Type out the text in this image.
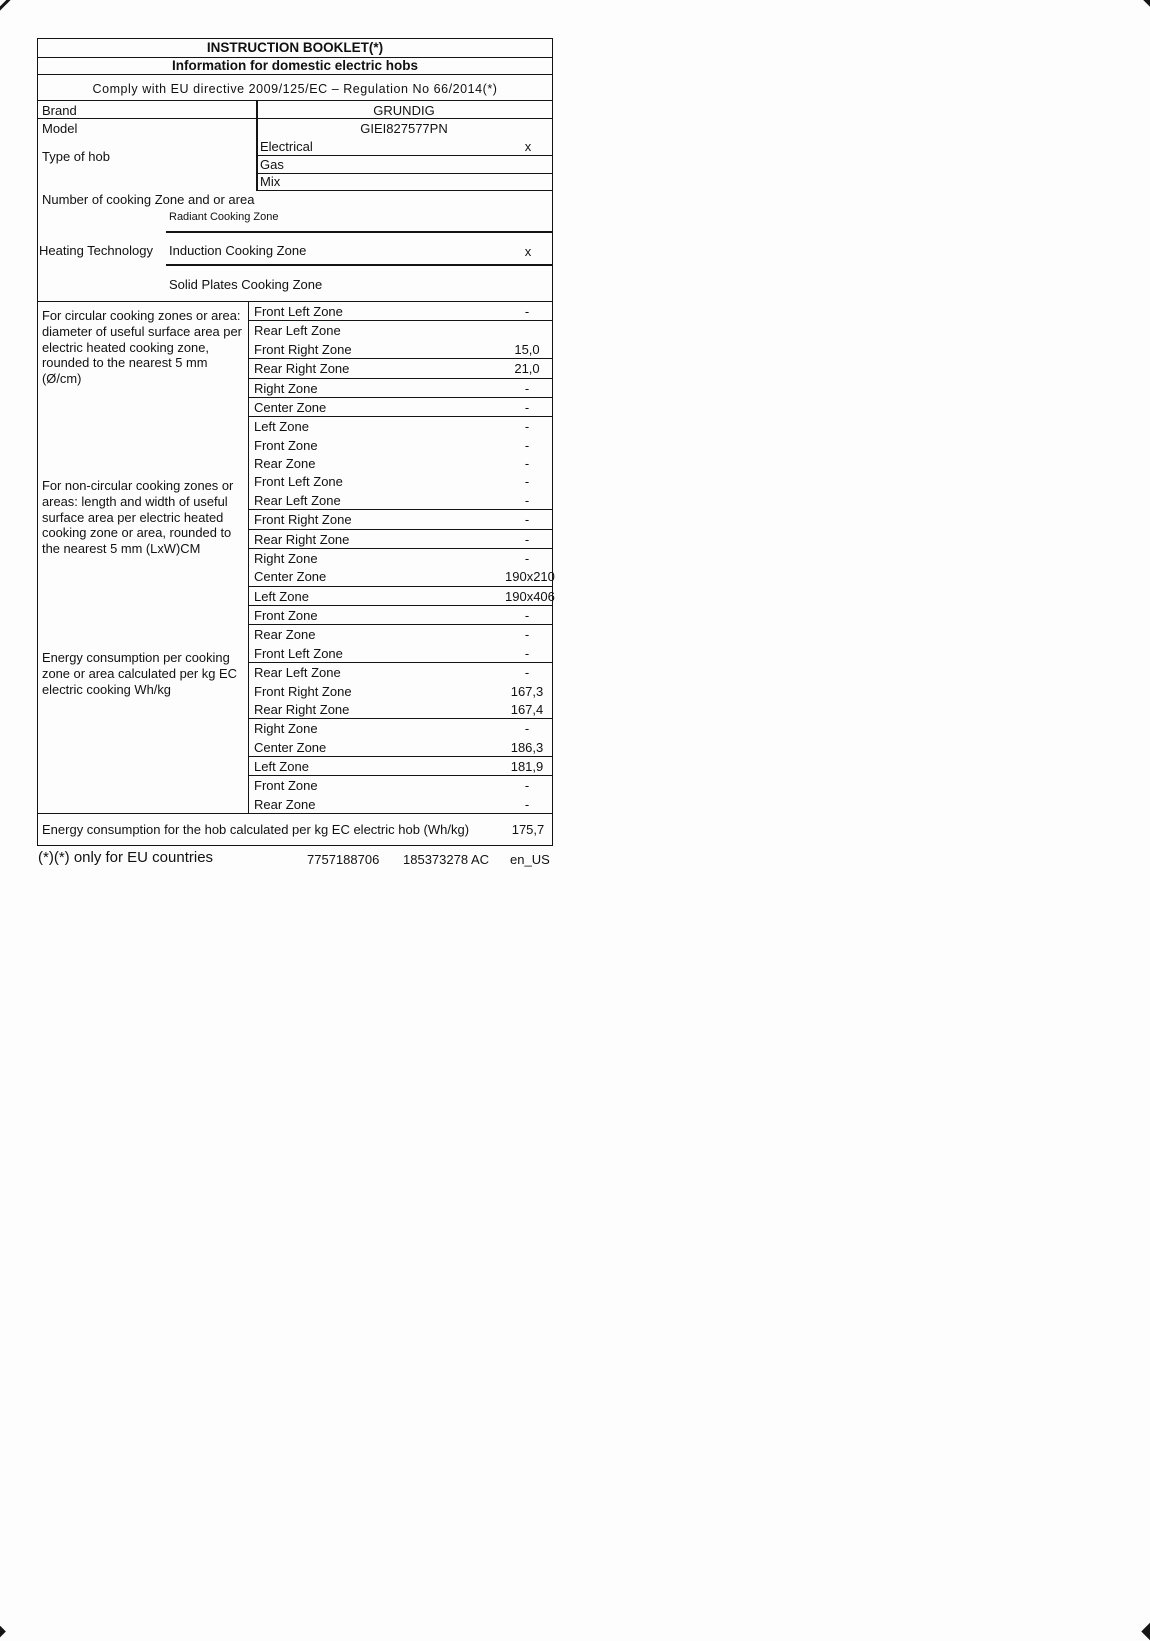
INSTRUCTION BOOKLET(*)
Information for domestic electric hobs
Comply with EU directive 2009/125/EC – Regulation No 66/2014(*)
Brand	GRUNDIG
Model	GIEI827577PN
Type of hob
Electrical	x
Gas
Mix
Number of cooking Zone and or area
Radiant Cooking Zone
Heating Technology Induction Cooking Zone	x
Solid Plates Cooking Zone
For circular cooking zones or area: diameter of useful surface area per electric heated cooking zone, rounded to the nearest 5 mm (Ø/cm)
For non-circular cooking zones or areas: length and width of useful surface area per electric heated cooking zone or area, rounded to the nearest 5 mm (LxW)CM
Energy consumption per cooking zone or area calculated per kg EC electric cooking Wh/kg
Front Left Zone	-
Rear Left Zone
Front Right Zone	15,0
Rear Right Zone	21,0
Right Zone	-
Center Zone	-
Left Zone	-
Front Zone	-
Rear Zone	-
Front Left Zone	-
Rear Left Zone	-
Front Right Zone	-
Rear Right Zone	-
Right Zone	-
Center Zone	190x210
Left Zone	190x406
Front Zone	-
Rear Zone	-
Front Left Zone	-
Rear Left Zone	-
Front Right Zone	167,3
Rear Right Zone	167,4
Right Zone	-
Center Zone	186,3
Left Zone	181,9
Front Zone	-
Rear Zone	-
Energy consumption for the hob calculated per kg EC electric hob (Wh/kg)	175,7
(*)(*) only for EU countries	7757188706 185373278 AC en_US
